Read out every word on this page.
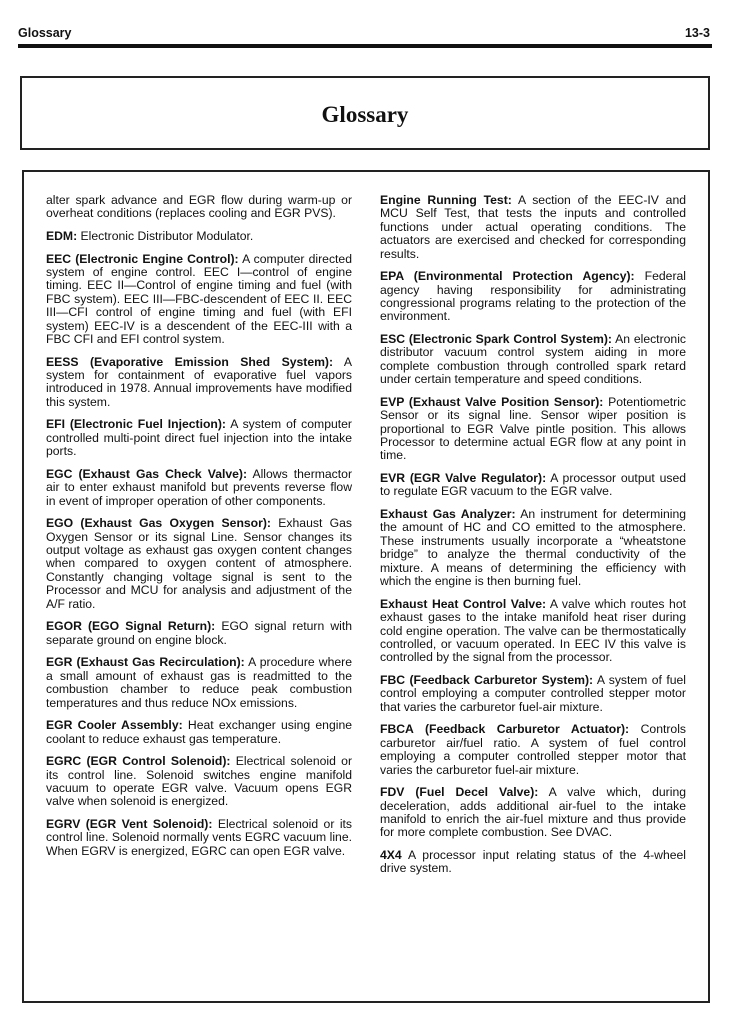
Glossary	13-3
Glossary

alter spark advance and EGR flow during warm-up or overheat conditions (replaces cooling and EGR PVS).

EDM: Electronic Distributor Modulator.

EEC (Electronic Engine Control): A computer directed system of engine control. EEC I—control of engine timing. EEC II—Control of engine timing and fuel (with FBC system). EEC III—FBC-descendent of EEC II. EEC III—CFI control of engine timing and fuel (with EFI system) EEC-IV is a descendent of the EEC-III with a FBC CFI and EFI control system.

EESS (Evaporative Emission Shed System): A system for containment of evaporative fuel vapors introduced in 1978. Annual improvements have modified this system.

EFI (Electronic Fuel Injection): A system of computer controlled multi-point direct fuel injection into the intake ports.

EGC (Exhaust Gas Check Valve): Allows thermactor air to enter exhaust manifold but prevents reverse flow in event of improper operation of other components.

EGO (Exhaust Gas Oxygen Sensor): Exhaust Gas Oxygen Sensor or its signal Line. Sensor changes its output voltage as exhaust gas oxygen content changes when compared to oxygen content of atmosphere. Constantly changing voltage signal is sent to the Processor and MCU for analysis and adjustment of the A/F ratio.

EGOR (EGO Signal Return): EGO signal return with separate ground on engine block.

EGR (Exhaust Gas Recirculation): A procedure where a small amount of exhaust gas is readmitted to the combustion chamber to reduce peak combustion temperatures and thus reduce NOx emissions.

EGR Cooler Assembly: Heat exchanger using engine coolant to reduce exhaust gas temperature.

EGRC (EGR Control Solenoid): Electrical solenoid or its control line. Solenoid switches engine manifold vacuum to operate EGR valve. Vacuum opens EGR valve when solenoid is energized.

EGRV (EGR Vent Solenoid): Electrical solenoid or its control line. Solenoid normally vents EGRC vacuum line. When EGRV is energized, EGRC can open EGR valve.

Engine Running Test: A section of the EEC-IV and MCU Self Test, that tests the inputs and controlled functions under actual operating conditions. The actuators are exercised and checked for corresponding results.

EPA (Environmental Protection Agency): Federal agency having responsibility for administrating congressional programs relating to the protection of the environment.

ESC (Electronic Spark Control System): An electronic distributor vacuum control system aiding in more complete combustion through controlled spark retard under certain temperature and speed conditions.

EVP (Exhaust Valve Position Sensor): Potentiometric Sensor or its signal line. Sensor wiper position is proportional to EGR Valve pintle position. This allows Processor to determine actual EGR flow at any point in time.

EVR (EGR Valve Regulator): A processor output used to regulate EGR vacuum to the EGR valve.

Exhaust Gas Analyzer: An instrument for determining the amount of HC and CO emitted to the atmosphere. These instruments usually incorporate a “wheatstone bridge” to analyze the thermal conductivity of the mixture. A means of determining the efficiency with which the engine is then burning fuel.

Exhaust Heat Control Valve: A valve which routes hot exhaust gases to the intake manifold heat riser during cold engine operation. The valve can be thermostatically controlled, or vacuum operated. In EEC IV this valve is controlled by the signal from the processor.

FBC (Feedback Carburetor System): A system of fuel control employing a computer controlled stepper motor that varies the carburetor fuel-air mixture.

FBCA (Feedback Carburetor Actuator): Controls carburetor air/fuel ratio. A system of fuel control employing a computer controlled stepper motor that varies the carburetor fuel-air mixture.

FDV (Fuel Decel Valve): A valve which, during deceleration, adds additional air-fuel to the intake manifold to enrich the air-fuel mixture and thus provide for more complete combustion. See DVAC.

4X4 A processor input relating status of the 4-wheel drive system.
